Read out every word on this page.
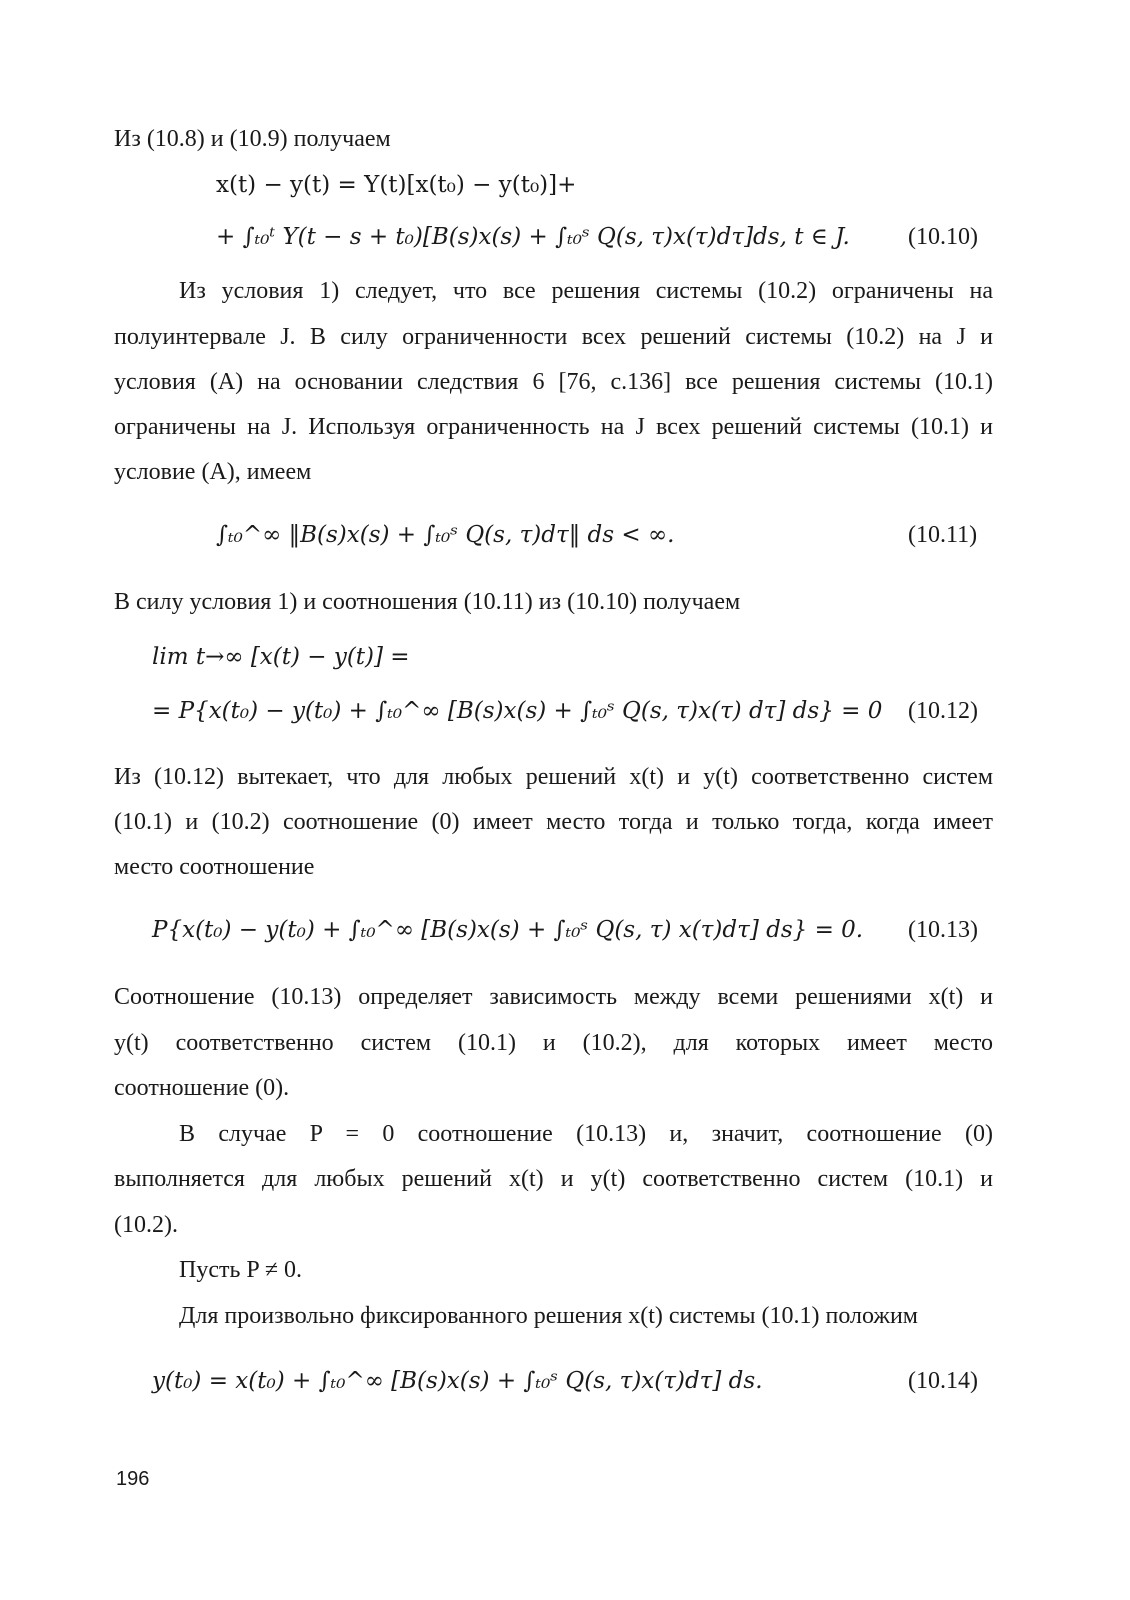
Из (10.8) и (10.9) получаем
x(t) − y(t) = Y(t)[x(t₀) − y(t₀)]+
+ ∫ₜ₀ᵗ Y(t − s + t₀)[B(s)x(s) + ∫ₜ₀ˢ Q(s, τ)x(τ)dτ]ds, t ∈ J. (10.10)
Из условия 1) следует, что все решения системы (10.2) ограничены на
полуинтервале J. В силу ограниченности всех решений системы (10.2) на J и
условия (A) на основании следствия 6 [76, с.136] все решения системы (10.1)
ограничены на J. Используя ограниченность на J всех решений системы (10.1) и
условие (A), имеем
∫ₜ₀^∞ ‖B(s)x(s) + ∫ₜ₀ˢ Q(s, τ)dτ‖ ds < ∞.	(10.11)
В силу условия 1) и соотношения (10.11) из (10.10) получаем
lim t→∞ [x(t) − y(t)] =
= P{x(t₀) − y(t₀) + ∫ₜ₀^∞ [B(s)x(s) + ∫ₜ₀ˢ Q(s, τ)x(τ) dτ] ds} = 0 (10.12)
Из (10.12) вытекает, что для любых решений x(t) и y(t) соответственно систем
(10.1) и (10.2) соотношение (0) имеет место тогда и только тогда, когда имеет
место соотношение
P{x(t₀) − y(t₀) + ∫ₜ₀^∞ [B(s)x(s) + ∫ₜ₀ˢ Q(s, τ) x(τ)dτ] ds} = 0. (10.13)
Соотношение (10.13) определяет зависимость между всеми решениями x(t) и
y(t) соответственно систем (10.1) и (10.2), для которых имеет место
соотношение (0).
В случае P = 0 соотношение (10.13) и, значит, соотношение (0)
выполняется для любых решений x(t) и y(t) соответственно систем (10.1) и
(10.2).
Пусть P ≠ 0.
Для произвольно фиксированного решения x(t) системы (10.1) положим
y(t₀) = x(t₀) + ∫ₜ₀^∞ [B(s)x(s) + ∫ₜ₀ˢ Q(s, τ)x(τ)dτ] ds.	(10.14)
196
